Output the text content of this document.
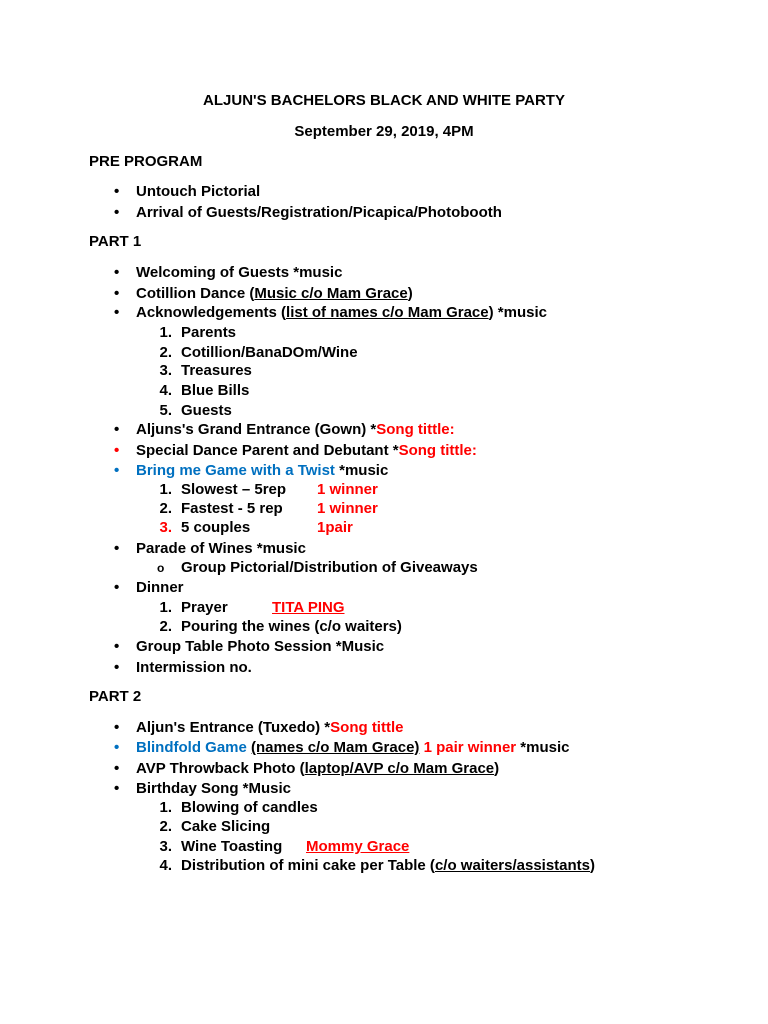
ALJUN'S BACHELORS BLACK AND WHITE PARTY
September 29, 2019, 4PM
PRE PROGRAM
• Untouch Pictorial
• Arrival of Guests/Registration/Picapica/Photobooth
PART 1
• Welcoming of Guests *music
• Cotillion Dance (Music c/o Mam Grace)
• Acknowledgements (list of names c/o Mam Grace) *music
1. Parents
2. Cotillion/BanaDOm/Wine
3. Treasures
4. Blue Bills
5. Guests
• Aljuns's Grand Entrance (Gown) *Song tittle:
• Special Dance Parent and Debutant *Song tittle:
• Bring me Game with a Twist *music
1. Slowest – 5rep 1 winner
2. Fastest - 5 rep 1 winner
3. 5 couples	1pair
• Parade of Wines *music
o Group Pictorial/Distribution of Giveaways
• Dinner
1. Prayer	TITA PING
2. Pouring the wines (c/o waiters)
• Group Table Photo Session *Music
• Intermission no.
PART 2
• Aljun's Entrance (Tuxedo) *Song tittle
• Blindfold Game (names c/o Mam Grace) 1 pair winner *music
• AVP Throwback Photo (laptop/AVP c/o Mam Grace)
• Birthday Song *Music
1. Blowing of candles
2. Cake Slicing
3. Wine Toasting Mommy Grace
4. Distribution of mini cake per Table (c/o waiters/assistants)
